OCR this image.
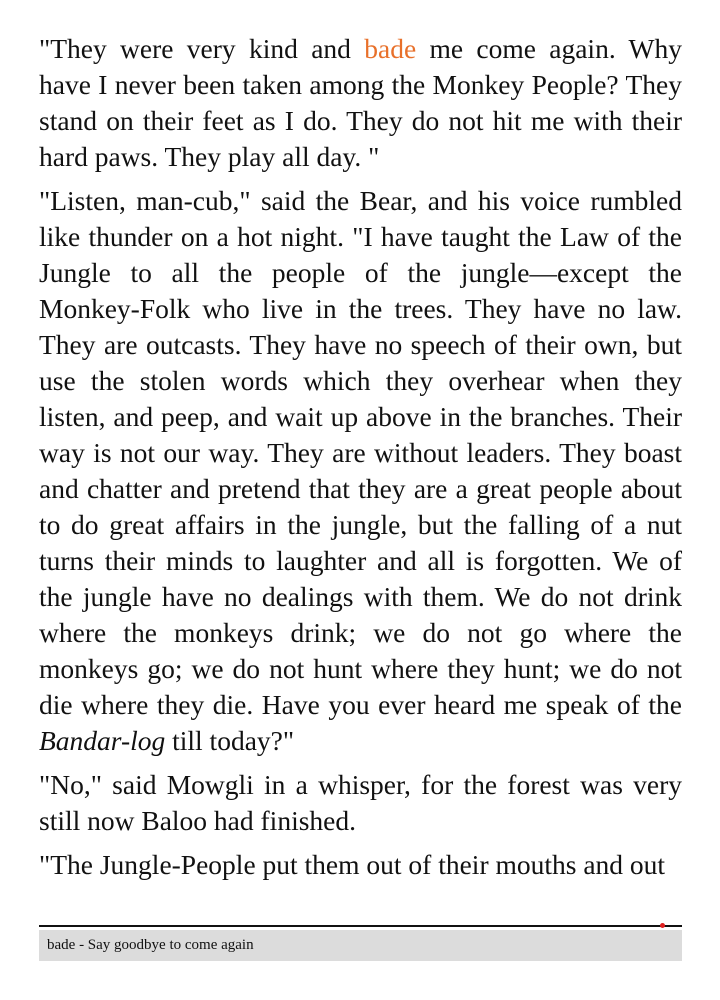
"They were very kind and bade me come again. Why have I never been taken among the Monkey People? They stand on their feet as I do. They do not hit me with their hard paws. They play all day. "

"Listen, man-cub," said the Bear, and his voice rumbled like thunder on a hot night. "I have taught the Law of the Jungle to all the people of the jungle—except the Monkey-Folk who live in the trees. They have no law. They are outcasts. They have no speech of their own, but use the stolen words which they overhear when they listen, and peep, and wait up above in the branches. Their way is not our way. They are without leaders. They boast and chatter and pretend that they are a great people about to do great affairs in the jungle, but the falling of a nut turns their minds to laughter and all is forgotten. We of the jungle have no dealings with them. We do not drink where the monkeys drink; we do not go where the monkeys go; we do not hunt where they hunt; we do not die where they die. Have you ever heard me speak of the Bandar-log till today?"

"No," said Mowgli in a whisper, for the forest was very still now Baloo had finished.

"The Jungle-People put them out of their mouths and out

bade - Say goodbye to come again
